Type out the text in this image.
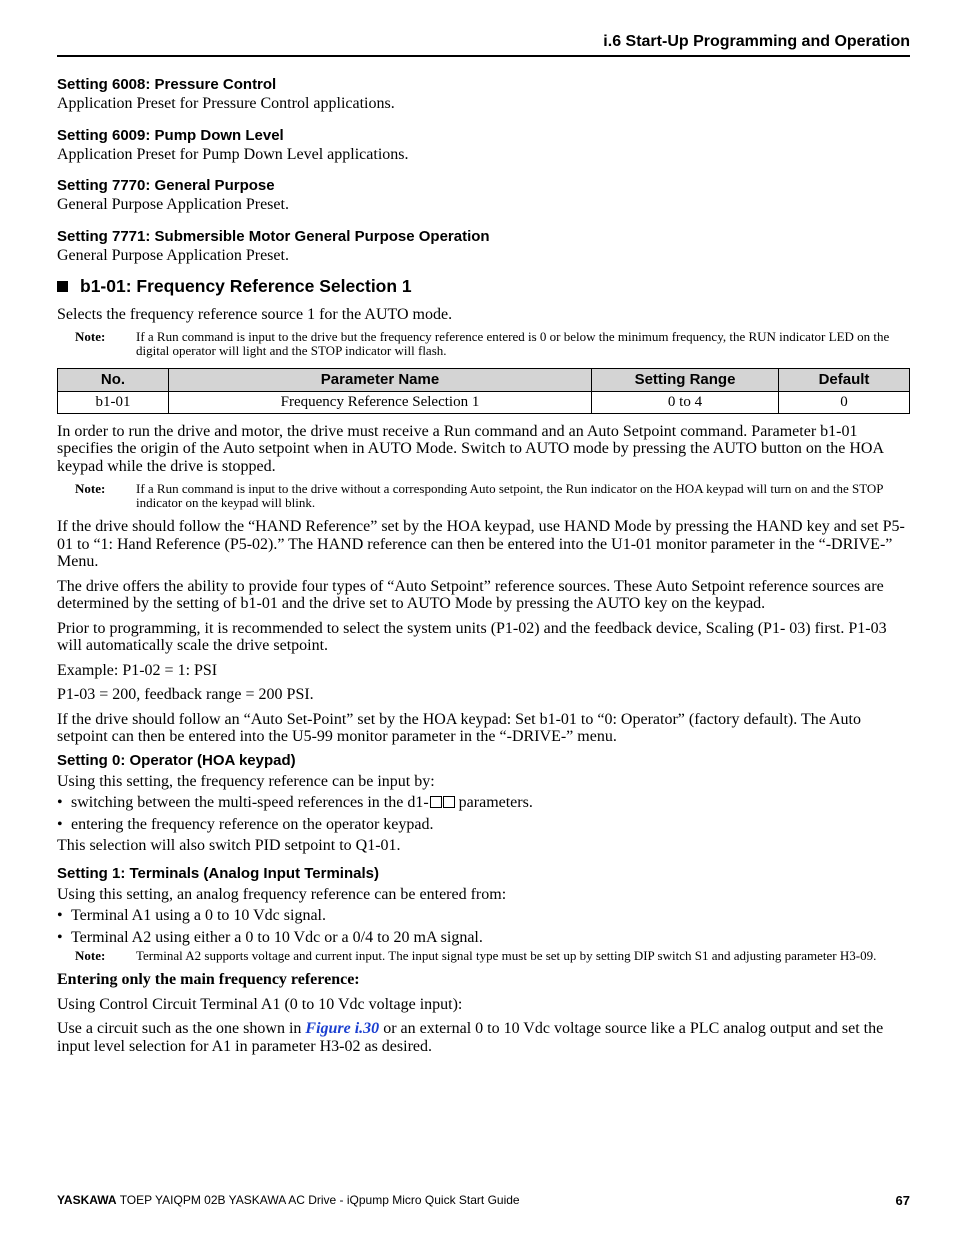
i.6 Start-Up Programming and Operation

Setting 6008: Pressure Control

Application Preset for Pressure Control applications.

Setting 6009: Pump Down Level

Application Preset for Pump Down Level applications.

Setting 7770: General Purpose

General Purpose Application Preset.

Setting 7771: Submersible Motor General Purpose Operation

General Purpose Application Preset.

b1-01: Frequency Reference Selection 1

Selects the frequency reference source 1 for the AUTO mode.

Note:	If a Run command is input to the drive but the frequency reference entered is 0 or below the minimum frequency, the RUN indicator LED on the digital operator will light and the STOP indicator will flash.
No.	Parameter Name	Setting Range	Default
b1-01	Frequency Reference Selection 1	0 to 4	0

In order to run the drive and motor, the drive must receive a Run command and an Auto Setpoint command. Parameter b1-01 specifies the origin of the Auto setpoint when in AUTO Mode. Switch to AUTO mode by pressing the AUTO button on the HOA keypad while the drive is stopped.

Note:	If a Run command is input to the drive without a corresponding Auto setpoint, the Run indicator on the HOA keypad will turn on and the STOP indicator on the keypad will blink.

If the drive should follow the “HAND Reference” set by the HOA keypad, use HAND Mode by pressing the HAND key and set P5-01 to “1: Hand Reference (P5-02).” The HAND reference can then be entered into the U1-01 monitor parameter in the “-DRIVE-” Menu.

The drive offers the ability to provide four types of “Auto Setpoint” reference sources. These Auto Setpoint reference sources are determined by the setting of b1-01 and the drive set to AUTO Mode by pressing the AUTO key on the keypad.

Prior to programming, it is recommended to select the system units (P1-02) and the feedback device, Scaling (P1- 03) first. P1-03 will automatically scale the drive setpoint.

Example: P1-02 = 1: PSI

P1-03 = 200, feedback range = 200 PSI.

If the drive should follow an “Auto Set-Point” set by the HOA keypad: Set b1-01 to “0: Operator” (factory default). The Auto setpoint can then be entered into the U5-99 monitor parameter in the “-DRIVE-” menu.

Setting 0: Operator (HOA keypad)

Using this setting, the frequency reference can be input by:

• switching between the multi-speed references in the d1- parameters.

• entering the frequency reference on the operator keypad.

This selection will also switch PID setpoint to Q1-01.

Setting 1: Terminals (Analog Input Terminals)

Using this setting, an analog frequency reference can be entered from:

• Terminal A1 using a 0 to 10 Vdc signal.

• Terminal A2 using either a 0 to 10 Vdc or a 0/4 to 20 mA signal.

Note:	Terminal A2 supports voltage and current input. The input signal type must be set up by setting DIP switch S1 and adjusting parameter H3-09.

Entering only the main frequency reference:

Using Control Circuit Terminal A1 (0 to 10 Vdc voltage input):

Use a circuit such as the one shown in Figure i.30 or an external 0 to 10 Vdc voltage source like a PLC analog output and set the input level selection for A1 in parameter H3-02 as desired.

YASKAWA TOEP YAIQPM 02B YASKAWA AC Drive - iQpump Micro Quick Start Guide	67
